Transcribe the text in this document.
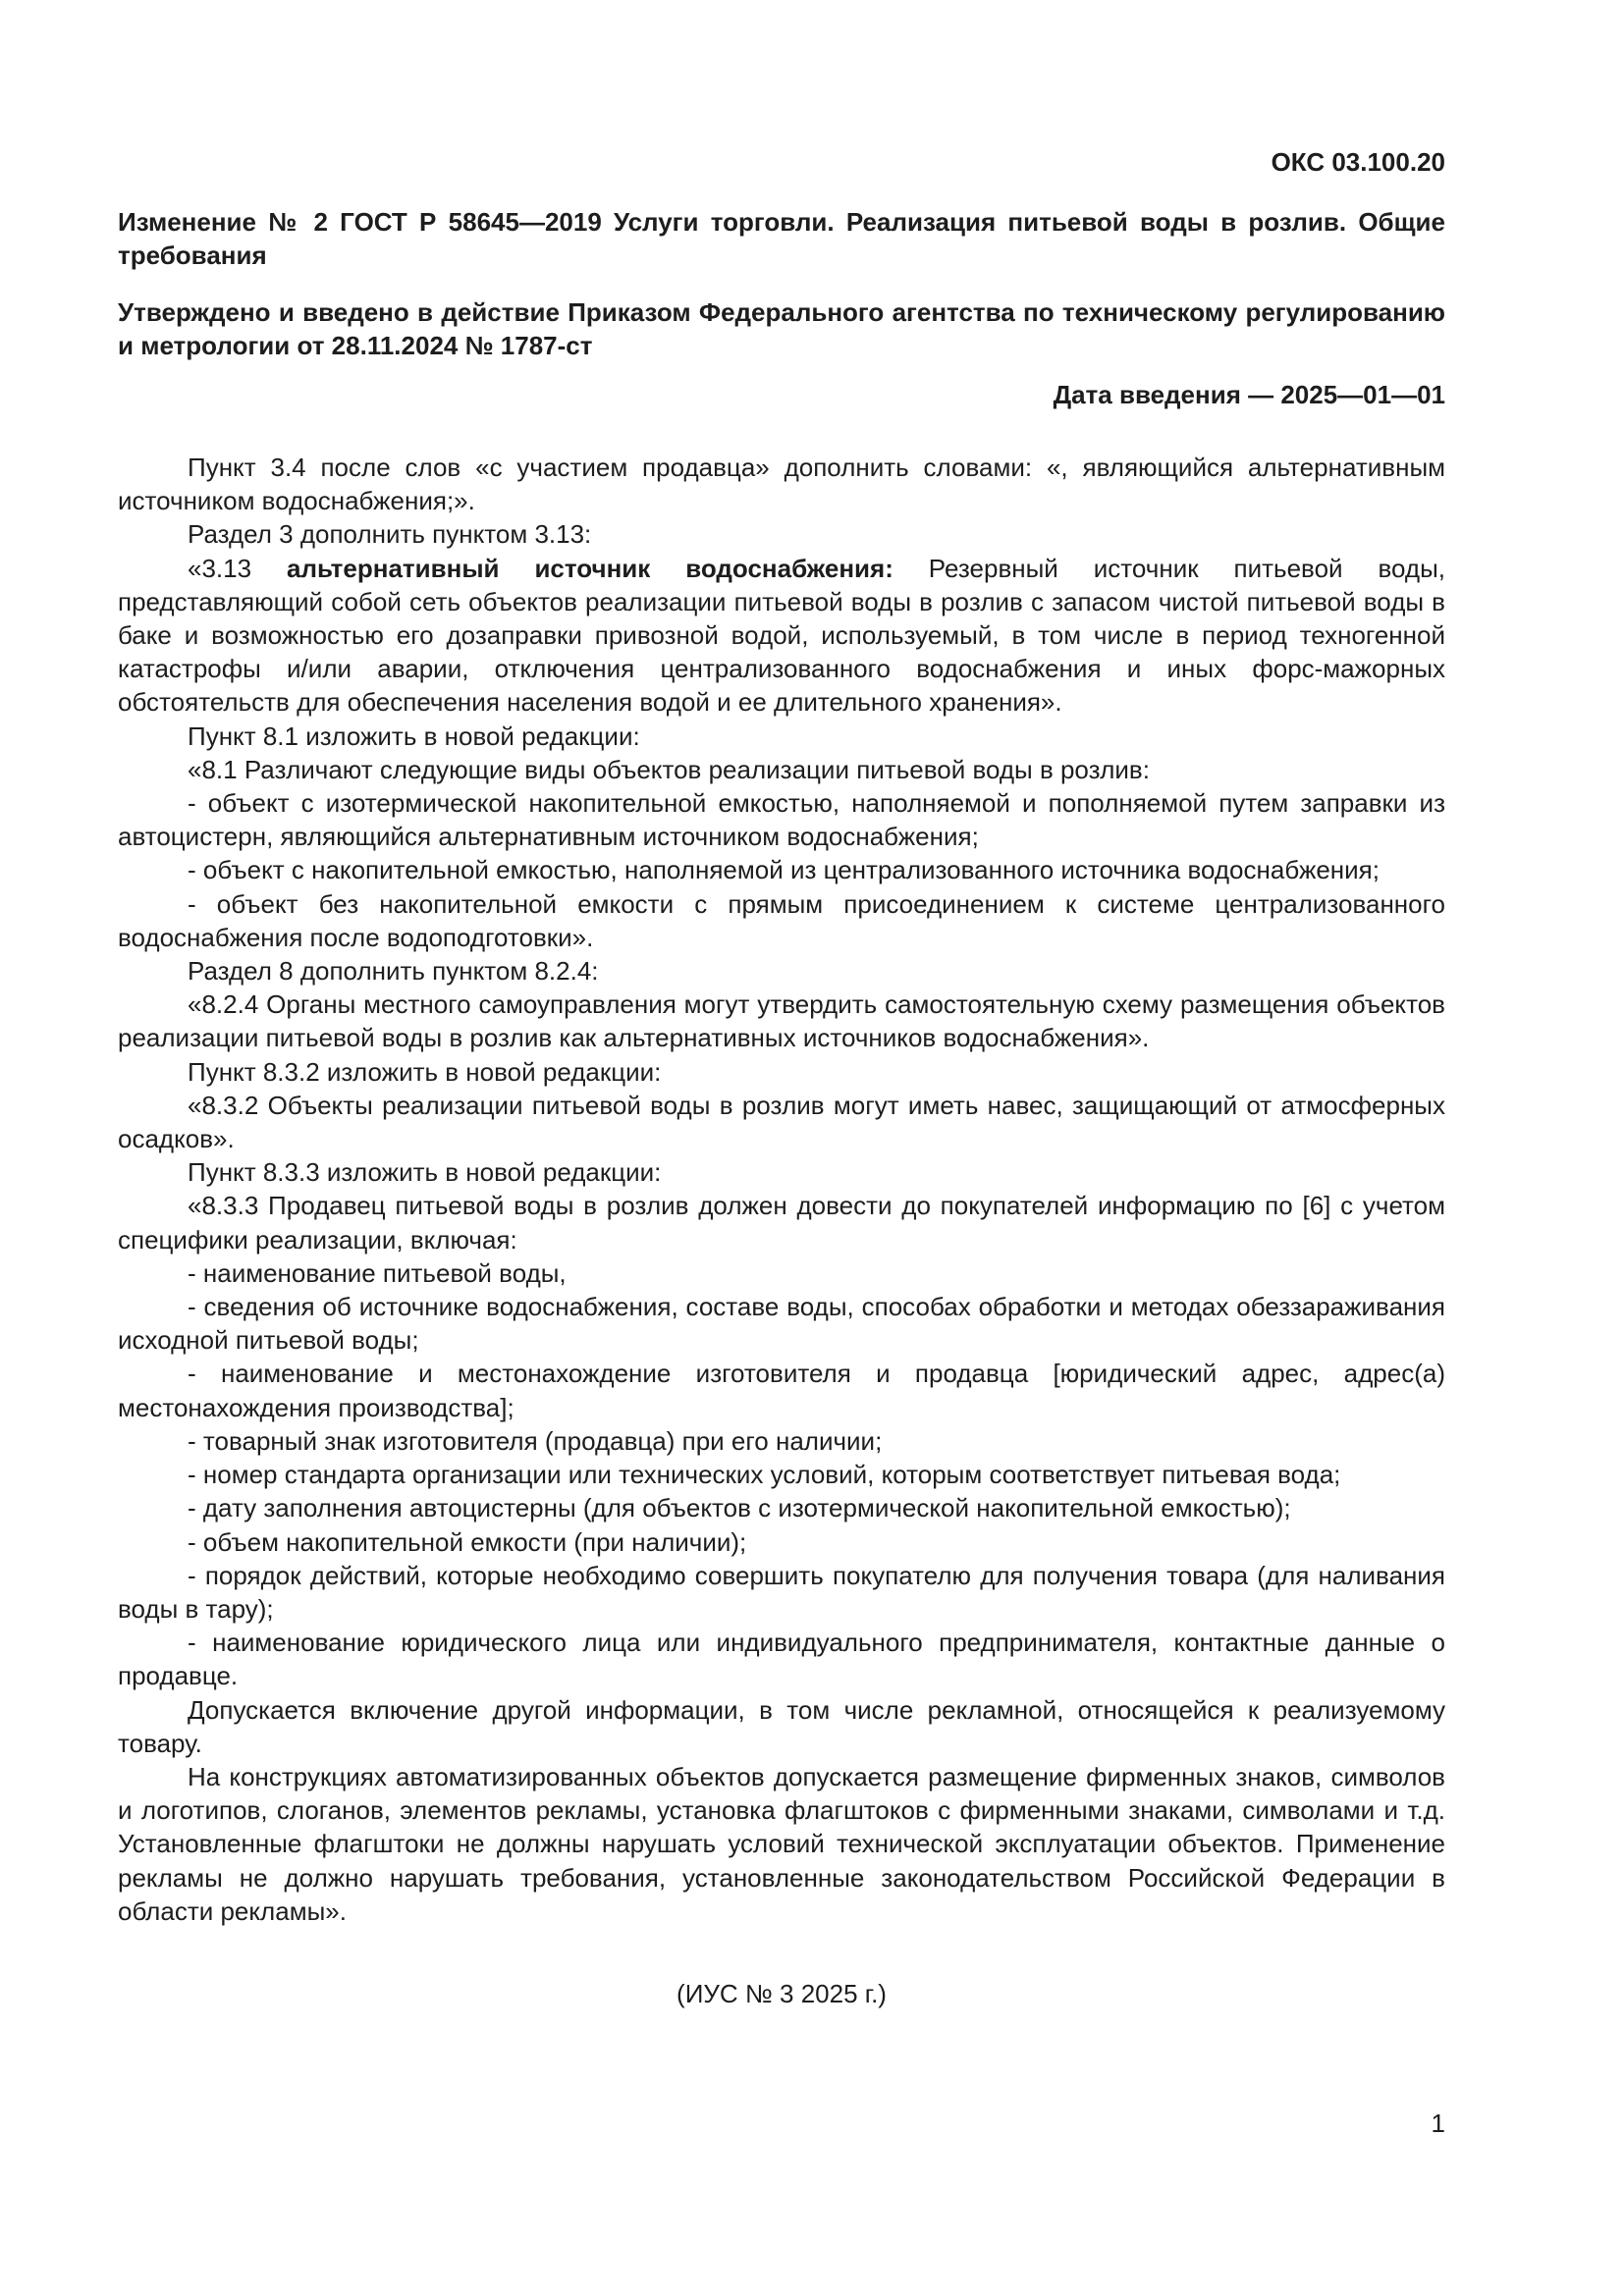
ОКС 03.100.20
Изменение № 2 ГОСТ Р 58645—2019 Услуги торговли. Реализация питьевой воды в розлив. Общие требования
Утверждено и введено в действие Приказом Федерального агентства по техническому регулированию и метрологии от 28.11.2024 № 1787-ст
Дата введения — 2025—01—01

Пункт 3.4 после слов «с участием продавца» дополнить словами: «, являющийся альтернативным источником водоснабжения;».

Раздел 3 дополнить пунктом 3.13:

«3.13 альтернативный источник водоснабжения: Резервный источник питьевой воды, представляющий собой сеть объектов реализации питьевой воды в розлив с запасом чистой питьевой воды в баке и возможностью его дозаправки привозной водой, используемый, в том числе в период техногенной катастрофы и/или аварии, отключения централизованного водоснабжения и иных форс-мажорных обстоятельств для обеспечения населения водой и ее длительного хранения».

Пункт 8.1 изложить в новой редакции:

«8.1 Различают следующие виды объектов реализации питьевой воды в розлив:

- объект с изотермической накопительной емкостью, наполняемой и пополняемой путем заправки из автоцистерн, являющийся альтернативным источником водоснабжения;

- объект с накопительной емкостью, наполняемой из централизованного источника водоснабжения;

- объект без накопительной емкости с прямым присоединением к системе централизованного водоснабжения после водоподготовки».

Раздел 8 дополнить пунктом 8.2.4:

«8.2.4 Органы местного самоуправления могут утвердить самостоятельную схему размещения объектов реализации питьевой воды в розлив как альтернативных источников водоснабжения».

Пункт 8.3.2 изложить в новой редакции:

«8.3.2 Объекты реализации питьевой воды в розлив могут иметь навес, защищающий от атмосферных осадков».

Пункт 8.3.3 изложить в новой редакции:

«8.3.3 Продавец питьевой воды в розлив должен довести до покупателей информацию по [6] с учетом специфики реализации, включая:

- наименование питьевой воды,

- сведения об источнике водоснабжения, составе воды, способах обработки и методах обеззараживания исходной питьевой воды;

- наименование и местонахождение изготовителя и продавца [юридический адрес, адрес(а) местонахождения производства];

- товарный знак изготовителя (продавца) при его наличии;

- номер стандарта организации или технических условий, которым соответствует питьевая вода;

- дату заполнения автоцистерны (для объектов с изотермической накопительной емкостью);

- объем накопительной емкости (при наличии);

- порядок действий, которые необходимо совершить покупателю для получения товара (для наливания воды в тару);

- наименование юридического лица или индивидуального предпринимателя, контактные данные о продавце.

Допускается включение другой информации, в том числе рекламной, относящейся к реализуемому товару.

На конструкциях автоматизированных объектов допускается размещение фирменных знаков, символов и логотипов, слоганов, элементов рекламы, установка флагштоков с фирменными знаками, символами и т.д. Установленные флагштоки не должны нарушать условий технической эксплуатации объектов. Применение рекламы не должно нарушать требования, установленные законодательством Российской Федерации в области рекламы».

(ИУС № 3 2025 г.)
1
